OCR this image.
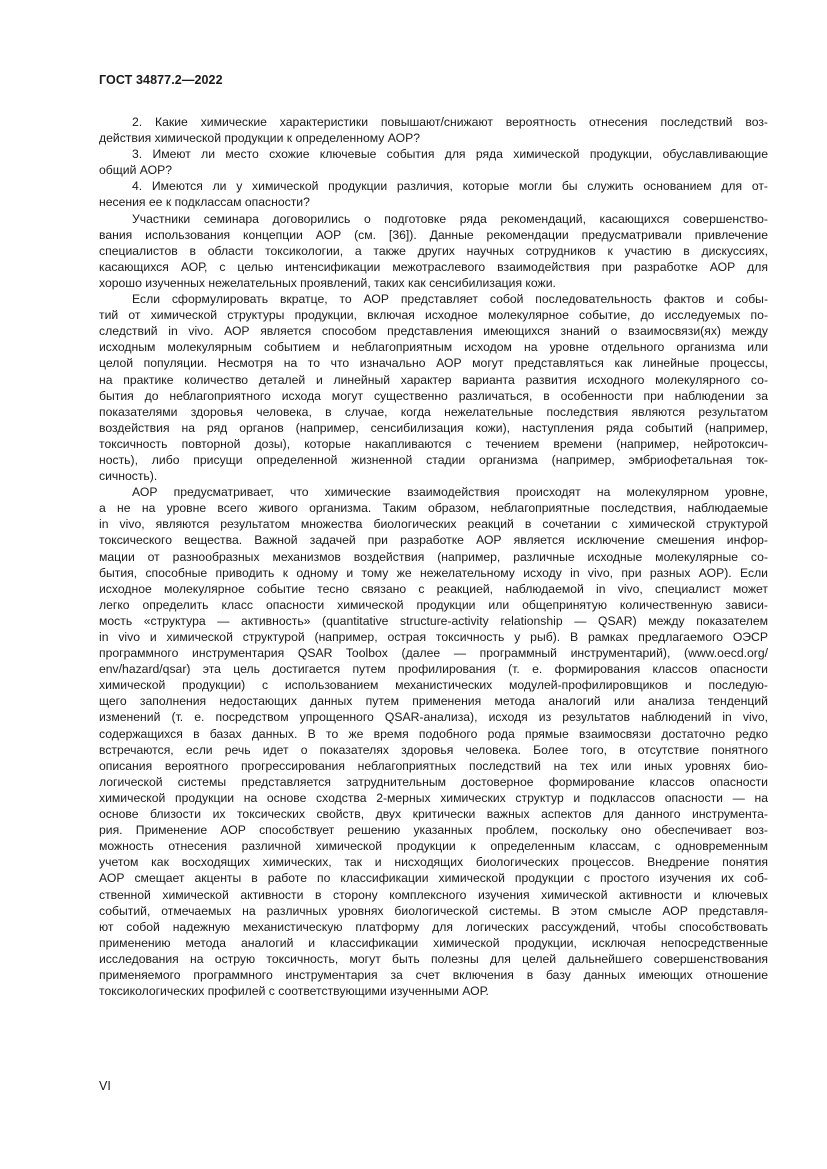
ГОСТ 34877.2—2022
2. Какие химические характеристики повышают/снижают вероятность отнесения последствий воз-
действия химической продукции к определенному АОР?
3. Имеют ли место схожие ключевые события для ряда химической продукции, обуславливающие
общий АОР?
4. Имеются ли у химической продукции различия, которые могли бы служить основанием для от-
несения ее к подклассам опасности?
Участники семинара договорились о подготовке ряда рекомендаций, касающихся совершенство-
вания использования концепции АОР (см. [36]). Данные рекомендации предусматривали привлечение
специалистов в области токсикологии, а также других научных сотрудников к участию в дискуссиях,
касающихся АОР, с целью интенсификации межотраслевого взаимодействия при разработке АОР для
хорошо изученных нежелательных проявлений, таких как сенсибилизация кожи.
Если сформулировать вкратце, то АОР представляет собой последовательность фактов и собы-
тий от химической структуры продукции, включая исходное молекулярное событие, до исследуемых по-
следствий in vivo. АОР является способом представления имеющихся знаний о взаимосвязи(ях) между
исходным молекулярным событием и неблагоприятным исходом на уровне отдельного организма или
целой популяции. Несмотря на то что изначально АОР могут представляться как линейные процессы,
на практике количество деталей и линейный характер варианта развития исходного молекулярного со-
бытия до неблагоприятного исхода могут существенно различаться, в особенности при наблюдении за
показателями здоровья человека, в случае, когда нежелательные последствия являются результатом
воздействия на ряд органов (например, сенсибилизация кожи), наступления ряда событий (например,
токсичность повторной дозы), которые накапливаются с течением времени (например, нейротоксич-
ность), либо присущи определенной жизненной стадии организма (например, эмбриофетальная ток-
сичность).
АОР предусматривает, что химические взаимодействия происходят на молекулярном уровне,
а не на уровне всего живого организма. Таким образом, неблагоприятные последствия, наблюдаемые
in vivo, являются результатом множества биологических реакций в сочетании с химической структурой
токсического вещества. Важной задачей при разработке АОР является исключение смешения инфор-
мации от разнообразных механизмов воздействия (например, различные исходные молекулярные со-
бытия, способные приводить к одному и тому же нежелательному исходу in vivo, при разных АОР). Если
исходное молекулярное событие тесно связано с реакцией, наблюдаемой in vivo, специалист может
легко определить класс опасности химической продукции или общепринятую количественную зависи-
мость «структура — активность» (quantitative structure-activity relationship — QSAR) между показателем
in vivo и химической структурой (например, острая токсичность у рыб). В рамках предлагаемого ОЭСР
программного инструментария QSAR Toolbox (далее — программный инструментарий), (www.oecd.org/
env/hazard/qsar) эта цель достигается путем профилирования (т. е. формирования классов опасности
химической продукции) с использованием механистических модулей-профилировщиков и последую-
щего заполнения недостающих данных путем применения метода аналогий или анализа тенденций
изменений (т. е. посредством упрощенного QSAR-анализа), исходя из результатов наблюдений in vivo,
содержащихся в базах данных. В то же время подобного рода прямые взаимосвязи достаточно редко
встречаются, если речь идет о показателях здоровья человека. Более того, в отсутствие понятного
описания вероятного прогрессирования неблагоприятных последствий на тех или иных уровнях био-
логической системы представляется затруднительным достоверное формирование классов опасности
химической продукции на основе сходства 2-мерных химических структур и подклассов опасности — на
основе близости их токсических свойств, двух критически важных аспектов для данного инструмента-
рия. Применение АОР способствует решению указанных проблем, поскольку оно обеспечивает воз-
можность отнесения различной химической продукции к определенным классам, с одновременным
учетом как восходящих химических, так и нисходящих биологических процессов. Внедрение понятия
АОР смещает акценты в работе по классификации химической продукции с простого изучения их соб-
ственной химической активности в сторону комплексного изучения химической активности и ключевых
событий, отмечаемых на различных уровнях биологической системы. В этом смысле АОР представля-
ют собой надежную механистическую платформу для логических рассуждений, чтобы способствовать
применению метода аналогий и классификации химической продукции, исключая непосредственные
исследования на острую токсичность, могут быть полезны для целей дальнейшего совершенствования
применяемого программного инструментария за счет включения в базу данных имеющих отношение
токсикологических профилей с соответствующими изученными АОР.
VI
